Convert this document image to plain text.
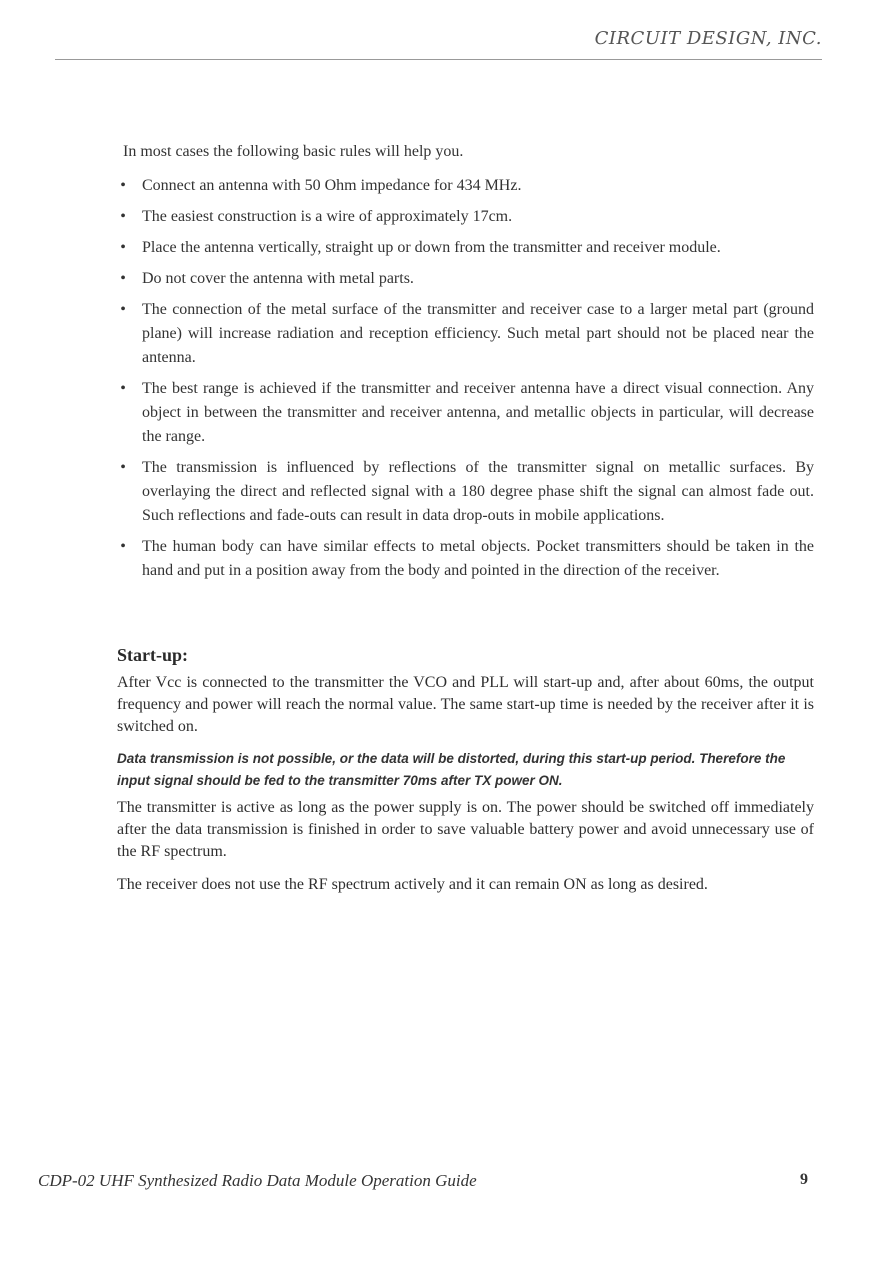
CIRCUIT DESIGN, INC.

In most cases the following basic rules will help you.

• Connect an antenna with 50 Ohm impedance for 434 MHz.
• The easiest construction is a wire of approximately 17cm.
• Place the antenna vertically, straight up or down from the transmitter and receiver module.
• Do not cover the antenna with metal parts.
• The connection of the metal surface of the transmitter and receiver case to a larger metal part (ground plane) will increase radiation and reception efficiency. Such metal part should not be placed near the antenna.
• The best range is achieved if the transmitter and receiver antenna have a direct visual connection. Any object in between the transmitter and receiver antenna, and metallic objects in particular, will decrease the range.
• The transmission is influenced by reflections of the transmitter signal on metallic surfaces. By overlaying the direct and reflected signal with a 180 degree phase shift the signal can almost fade out. Such reflections and fade-outs can result in data drop-outs in mobile applications.
• The human body can have similar effects to metal objects. Pocket transmitters should be taken in the hand and put in a position away from the body and pointed in the direction of the receiver.
Start-up:

After Vcc is connected to the transmitter the VCO and PLL will start-up and, after about 60ms, the output frequency and power will reach the normal value. The same start-up time is needed by the receiver after it is switched on.

Data transmission is not possible, or the data will be distorted, during this start-up period. Therefore the input signal should be fed to the transmitter 70ms after TX power ON.

The transmitter is active as long as the power supply is on. The power should be switched off immediately after the data transmission is finished in order to save valuable battery power and avoid unnecessary use of the RF spectrum.

The receiver does not use the RF spectrum actively and it can remain ON as long as desired.

CDP-02 UHF Synthesized Radio Data Module Operation Guide	9
